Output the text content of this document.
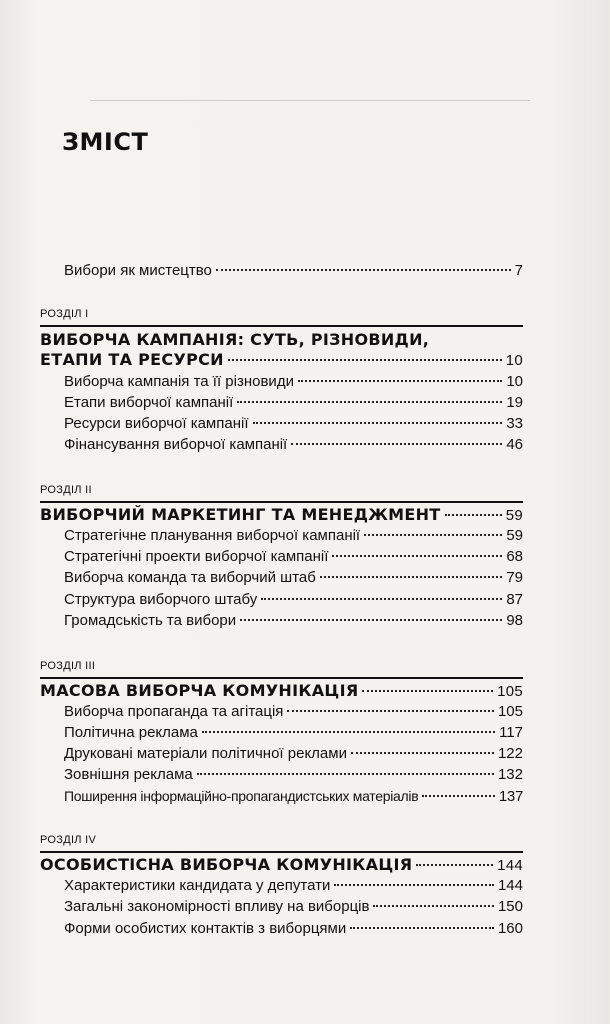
ЗМІСТ
Вибори як мистецтво	7
РОЗДІЛ І
ВИБОРЧА КАМПАНІЯ: СУТЬ, РІЗНОВИДИ,
ЕТАПИ ТА РЕСУРСИ	10
Виборча кампанія та її різновиди	10
Етапи виборчої кампанії	19
Ресурси виборчої кампанії	33
Фінансування виборчої кампанії	46
РОЗДІЛ ІІ
ВИБОРЧИЙ МАРКЕТИНГ ТА МЕНЕДЖМЕНТ	59
Стратегічне планування виборчої кампанії	59
Стратегічні проекти виборчої кампанії	68
Виборча команда та виборчий штаб	79
Структура виборчого штабу	87
Громадськість та вибори	98
РОЗДІЛ ІІІ
МАСОВА ВИБОРЧА КОМУНІКАЦІЯ	105
Виборча пропаганда та агітація	105
Політична реклама	117
Друковані матеріали політичної реклами	122
Зовнішня реклама	132
Поширення інформаційно-пропагандистських матеріалів	137
РОЗДІЛ IV
ОСОБИСТІСНА ВИБОРЧА КОМУНІКАЦІЯ	144
Характеристики кандидата у депутати	144
Загальні закономірності впливу на виборців	150
Форми особистих контактів з виборцями	160
